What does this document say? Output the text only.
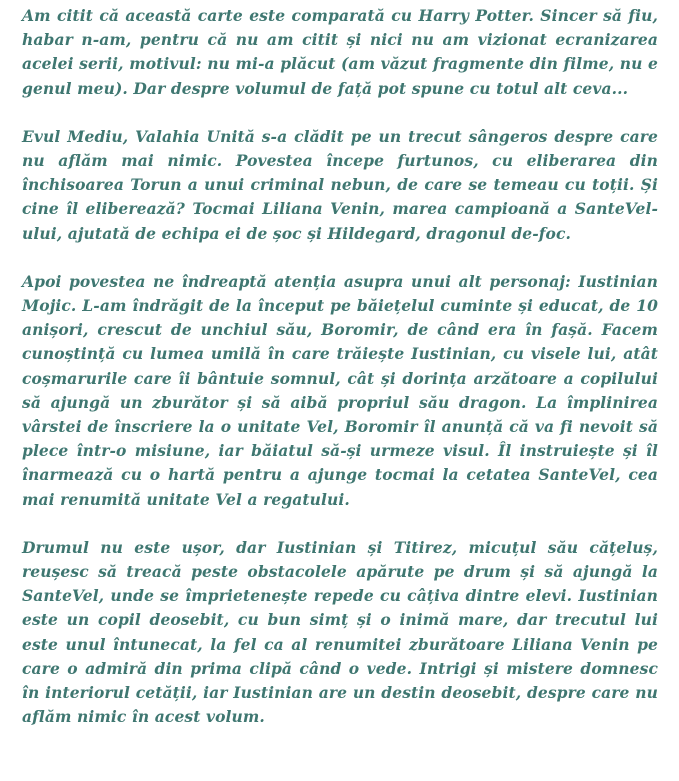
Am citit că această carte este comparată cu Harry Potter. Sincer să fiu, habar n-am, pentru că nu am citit și nici nu am vizionat ecranizarea acelei serii, motivul: nu mi-a plăcut (am văzut fragmente din filme, nu e genul meu). Dar despre volumul de față pot spune cu totul alt ceva...

Evul Mediu, Valahia Unită s-a clădit pe un trecut sângeros despre care nu aflăm mai nimic. Povestea începe furtunos, cu eliberarea din închisoarea Torun a unui criminal nebun, de care se temeau cu toții. Și cine îl eliberează? Tocmai Liliana Venin, marea campioană a SanteVel-ului, ajutată de echipa ei de șoc și Hildegard, dragonul de-foc.

Apoi povestea ne îndreaptă atenția asupra unui alt personaj: Iustinian Mojic. L-am îndrăgit de la început pe băiețelul cuminte și educat, de 10 anișori, crescut de unchiul său, Boromir, de când era în fașă. Facem cunoștință cu lumea umilă în care trăiește Iustinian, cu visele lui, atât coșmarurile care îi bântuie somnul, cât și dorința arzătoare a copilului să ajungă un zburător și să aibă propriul său dragon. La împlinirea vârstei de înscriere la o unitate Vel, Boromir îl anunță că va fi nevoit să plece într-o misiune, iar băiatul să-și urmeze visul. Îl instruiește și îl înarmează cu o hartă pentru a ajunge tocmai la cetatea SanteVel, cea mai renumită unitate Vel a regatului.

Drumul nu este ușor, dar Iustinian și Titirez, micuțul său cățeluș, reușesc să treacă peste obstacolele apărute pe drum și să ajungă la SanteVel, unde se împrietenește repede cu câțiva dintre elevi. Iustinian este un copil deosebit, cu bun simț și o inimă mare, dar trecutul lui este unul întunecat, la fel ca al renumitei zburătoare Liliana Venin pe care o admiră din prima clipă când o vede. Intrigi și mistere domnesc în interiorul cetății, iar Iustinian are un destin deosebit, despre care nu aflăm nimic în acest volum.
